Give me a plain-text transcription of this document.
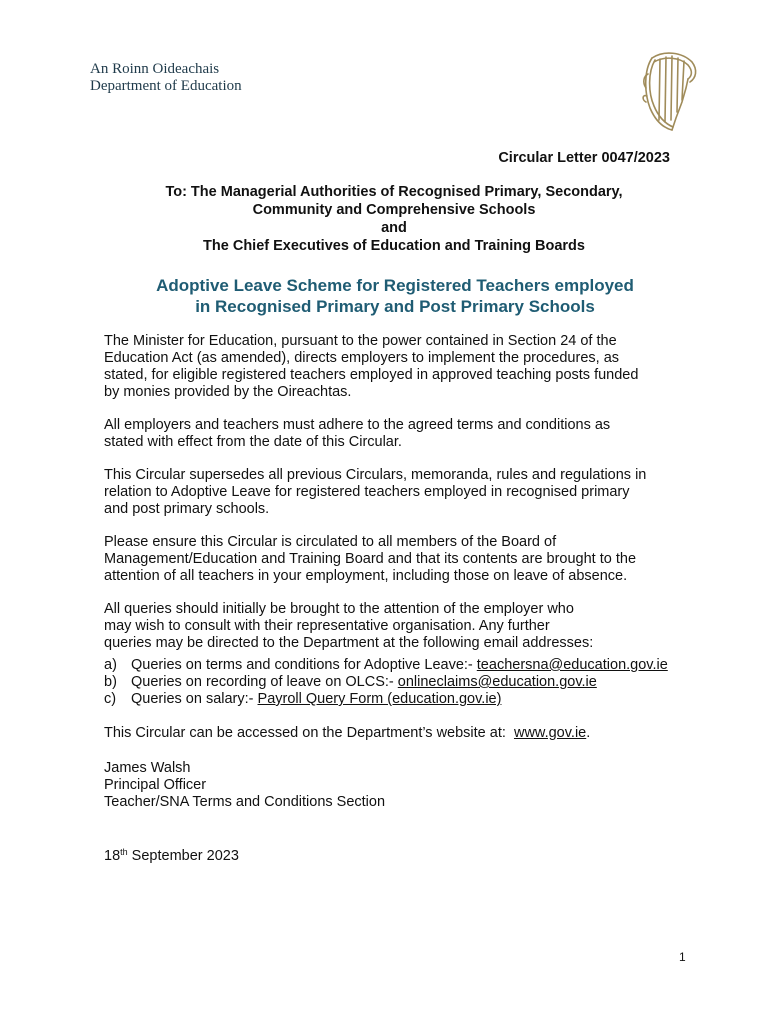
An Roinn Oideachais
Department of Education
Circular Letter 0047/2023
To: The Managerial Authorities of Recognised Primary, Secondary,
Community and Comprehensive Schools
and
The Chief Executives of Education and Training Boards
Adoptive Leave Scheme for Registered Teachers employed
in Recognised Primary and Post Primary Schools

The Minister for Education, pursuant to the power contained in Section 24 of the
Education Act (as amended), directs employers to implement the procedures, as
stated, for eligible registered teachers employed in approved teaching posts funded
by monies provided by the Oireachtas.

All employers and teachers must adhere to the agreed terms and conditions as
stated with effect from the date of this Circular.

This Circular supersedes all previous Circulars, memoranda, rules and regulations in
relation to Adoptive Leave for registered teachers employed in recognised primary
and post primary schools.

Please ensure this Circular is circulated to all members of the Board of
Management/Education and Training Board and that its contents are brought to the
attention of all teachers in your employment, including those on leave of absence.

All queries should initially be brought to the attention of the employer who
may wish to consult with their representative organisation. Any further
queries may be directed to the Department at the following email addresses:

a) Queries on terms and conditions for Adoptive Leave:-
teachersna@education.gov.ie
b) Queries on recording of leave on OLCS:-
onlineclaims@education.gov.ie
c)	Queries on salary:-
Payroll Query Form (education.gov.ie)

This Circular can be accessed on the Department’s website at:  www.gov.ie.

James Walsh
Principal Officer
Teacher/SNA Terms and Conditions Section
18th September 2023
1
